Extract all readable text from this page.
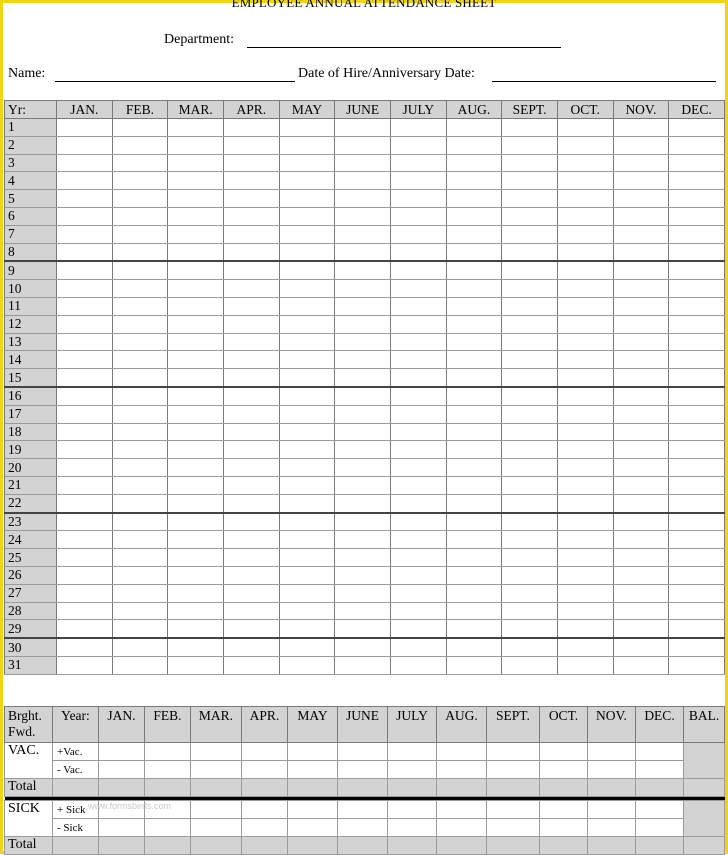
EMPLOYEE ANNUAL ATTENDANCE SHEET
Department:
Name:	Date of Hire/Anniversary Date:
Yr:	JAN.	FEB.	MAR.	APR.	MAY	JUNE	JULY	AUG.	SEPT.	OCT.	NOV.	DEC.
1												
2												
3												
4												
5												
6												
7												
8												
9												
10												
11												
12												
13												
14												
15												
16												
17												
18												
19												
20												
21												
22												
23												
24												
25												
26												
27												
28												
29												
30												
31												
Brght.
Fwd.	Year:	JAN.	FEB.	MAR.	APR.	MAY	JUNE	JULY	AUG.	SEPT.	OCT.	NOV.	DEC.	BAL.
VAC.	+Vac.													
	- Vac.													
Total														

SICK	+ Sick													
	- Sick													
Total														
www.formsbirds.com
